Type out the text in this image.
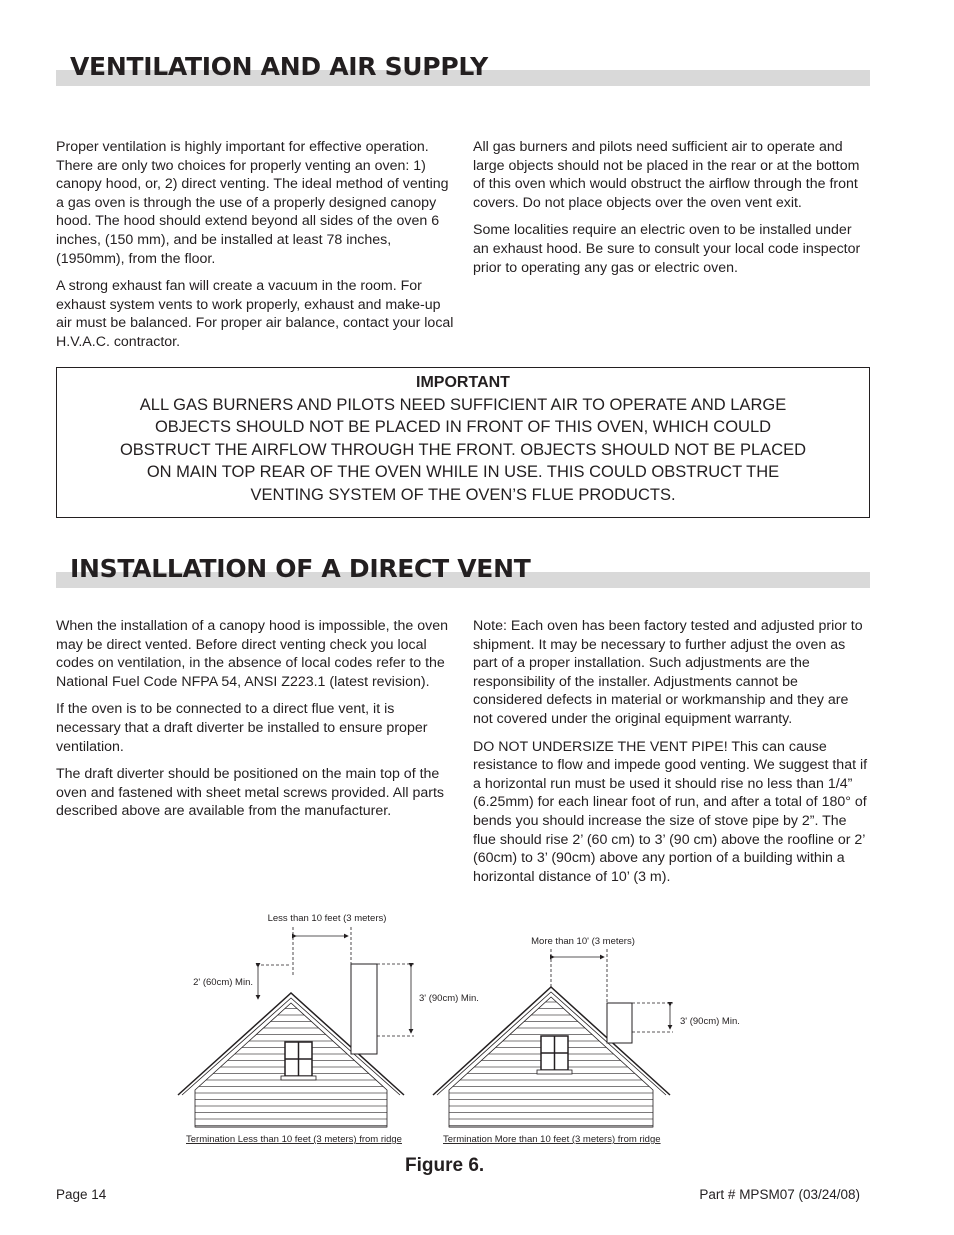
VENTILATION AND AIR SUPPLY

Proper ventilation is highly important for effective operation. There are only two choices for properly venting an oven: 1) canopy hood, or, 2) direct venting. The ideal method of venting a gas oven is through the use of a properly designed canopy hood. The hood should extend beyond all sides of the oven 6 inches, (150 mm), and be installed at least 78 inches, (1950mm), from the floor.

A strong exhaust fan will create a vacuum in the room. For exhaust system vents to work properly, exhaust and make-up air must be balanced. For proper air balance, contact your local H.V.A.C. contractor.

All gas burners and pilots need sufficient air to operate and large objects should not be placed in the rear or at the bottom of this oven which would obstruct the airflow through the front covers. Do not place objects over the oven vent exit.

Some localities require an electric oven to be installed under an exhaust hood. Be sure to consult your local code inspector prior to operating any gas or electric oven.

IMPORTANT
ALL GAS BURNERS AND PILOTS NEED SUFFICIENT AIR TO OPERATE AND LARGE OBJECTS SHOULD NOT BE PLACED IN FRONT OF THIS OVEN, WHICH COULD OBSTRUCT THE AIRFLOW THROUGH THE FRONT. OBJECTS SHOULD NOT BE PLACED ON MAIN TOP REAR OF THE OVEN WHILE IN USE. THIS COULD OBSTRUCT THE VENTING SYSTEM OF THE OVEN’S FLUE PRODUCTS.
INSTALLATION OF A DIRECT VENT

When the installation of a canopy hood is impossible, the oven may be direct vented. Before direct venting check you local codes on ventilation, in the absence of local codes refer to the National Fuel Code NFPA 54, ANSI Z223.1 (latest revision).

If the oven is to be connected to a direct flue vent, it is necessary that a draft diverter be installed to ensure proper ventilation.

The draft diverter should be positioned on the main top of the oven and fastened with sheet metal screws provided. All parts described above are available from the manufacturer.

Note: Each oven has been factory tested and adjusted prior to shipment. It may be necessary to further adjust the oven as part of a proper installation. Such adjustments are the responsibility of the installer. Adjustments cannot be considered defects in material or workmanship and they are not covered under the original equipment warranty.

DO NOT UNDERSIZE THE VENT PIPE! This can cause resistance to flow and impede good venting. We suggest that if a horizontal run must be used it should rise no less than 1/4” (6.25mm) for each linear foot of run, and after a total of 180° of bends you should increase the size of stove pipe by 2”. The flue should rise 2’ (60 cm) to 3’ (90 cm) above the roofline or 2’ (60cm) to 3’ (90cm) above any portion of a building within a horizontal distance of 10’ (3 m).

Less than 10 feet (3 meters)
2' (60cm) Min.
3' (90cm) Min.
Termination Less than 10 feet (3 meters) from ridge
More than 10' (3 meters)
3' (90cm) Min.
Termination More than 10 feet (3 meters) from ridge
Figure 6.
Page 14	Part # MPSM07 (03/24/08)
